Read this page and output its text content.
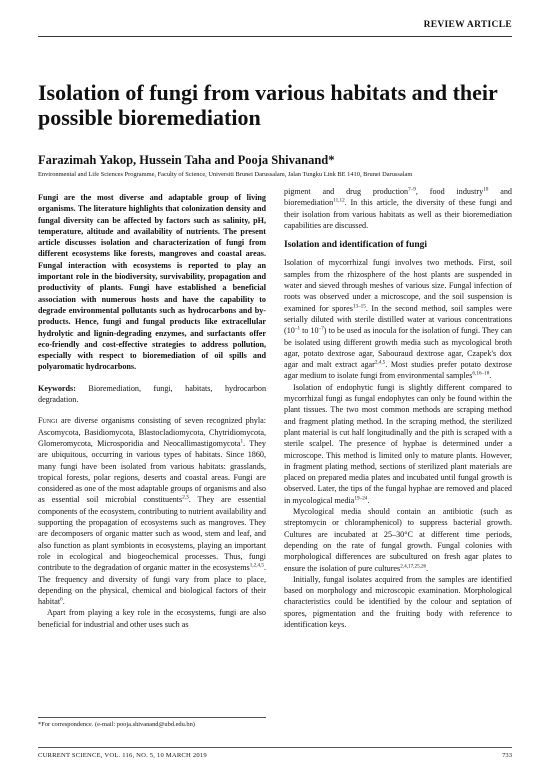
REVIEW ARTICLE
Isolation of fungi from various habitats and their possible bioremediation
Farazimah Yakop, Hussein Taha and Pooja Shivanand*
Environmental and Life Sciences Programme, Faculty of Science, Universiti Brunei Darussalam, Jalan Tungku Link BE 1410, Brunei Darussalam

Fungi are the most diverse and adaptable group of living organisms. The literature highlights that colonization density and fungal diversity can be affected by factors such as salinity, pH, temperature, altitude and availability of nutrients. The present article discusses isolation and characterization of fungi from different ecosystems like forests, mangroves and coastal areas. Fungal interaction with ecosystems is reported to play an important role in the biodiversity, survivability, propagation and productivity of plants. Fungi have established a beneficial association with numerous hosts and have the capability to degrade environmental pollutants such as hydrocarbons and by-products. Hence, fungi and fungal products like extracellular hydrolytic and lignin-degrading enzymes, and surfactants offer eco-friendly and cost-effective strategies to address pollution, especially with respect to bioremediation of oil spills and polyaromatic hydrocarbons.

Keywords: Bioremediation, fungi, habitats, hydrocarbon degradation.

Fungi are diverse organisms consisting of seven recognized phyla: Ascomycota, Basidiomycota, Blastocladiomycota, Chytridiomycota, Glomeromycota, Microsporidia and Neocallimastigomycota$^1$. They are ubiquitous, occurring in various types of habitats. Since 1860, many fungi have been isolated from various habitats: grasslands, tropical forests, polar regions, deserts and coastal areas. Fungi are considered as one of the most adaptable groups of organisms and also as essential soil microbial constituents$^{2,3}$. They are essential components of the ecosystem, contributing to nutrient availability and supporting the propagation of ecosystems such as mangroves. They are decomposers of organic matter such as wood, stem and leaf, and also function as plant symbionts in ecosystems, playing an important role in ecological and biogeochemical processes. Thus, fungi contribute to the degradation of organic matter in the ecosystems$^{1,2,4,5}$. The frequency and diversity of fungi vary from place to place, depending on the physical, chemical and biological factors of their habitat$^6$.

Apart from playing a key role in the ecosystems, fungi are also beneficial for industrial and other uses such as

pigment and drug production$^{7-9}$, food industry$^{10}$ and bioremediation$^{11,12}$. In this article, the diversity of these fungi and their isolation from various habitats as well as their bioremediation capabilities are discussed.

Isolation and identification of fungi

Isolation of mycorrhizal fungi involves two methods. First, soil samples from the rhizosphere of the host plants are suspended in water and sieved through meshes of various size. Fungal infection of roots was observed under a microscope, and the soil suspension is examined for spores$^{13-15}$. In the second method, soil samples were serially diluted with sterile distilled water at various concentrations ($10^{-1}$ to $10^{-7}$) to be used as inocula for the isolation of fungi. They can be isolated using different growth media such as mycological broth agar, potato dextrose agar, Sabouraud dextrose agar, Czapek's dox agar and malt extract agar$^{2,4,5}$. Most studies prefer potato dextrose agar medium to isolate fungi from environmental samples$^{6,16-18}$.

Isolation of endophytic fungi is slightly different compared to mycorrhizal fungi as fungal endophytes can only be found within the plant tissues. The two most common methods are scraping method and fragment plating method. In the scraping method, the sterilized plant material is cut half longitudinally and the pith is scraped with a sterile scalpel. The presence of hyphae is determined under a microscope. This method is limited only to mature plants. However, in fragment plating method, sections of sterilized plant materials are placed on prepared media plates and incubated until fungal growth is observed. Later, the tips of the fungal hyphae are removed and placed in mycological media$^{19-24}$.

Mycological media should contain an antibiotic (such as streptomycin or chloramphenicol) to suppress bacterial growth. Cultures are incubated at 25–30°C at different time periods, depending on the rate of fungal growth. Fungal colonies with morphological differences are subcultured on fresh agar plates to ensure the isolation of pure cultures$^{2,4,17,25,26}$.

Initially, fungal isolates acquired from the samples are identified based on morphology and microscopic examination. Morphological characteristics could be identified by the colour and septation of spores, pigmentation and the fruiting body with reference to identification keys.

*For correspondence. (e-mail: pooja.shivanand@ubd.edu.bn)
CURRENT SCIENCE, VOL. 116, NO. 5, 10 MARCH 2019	733
